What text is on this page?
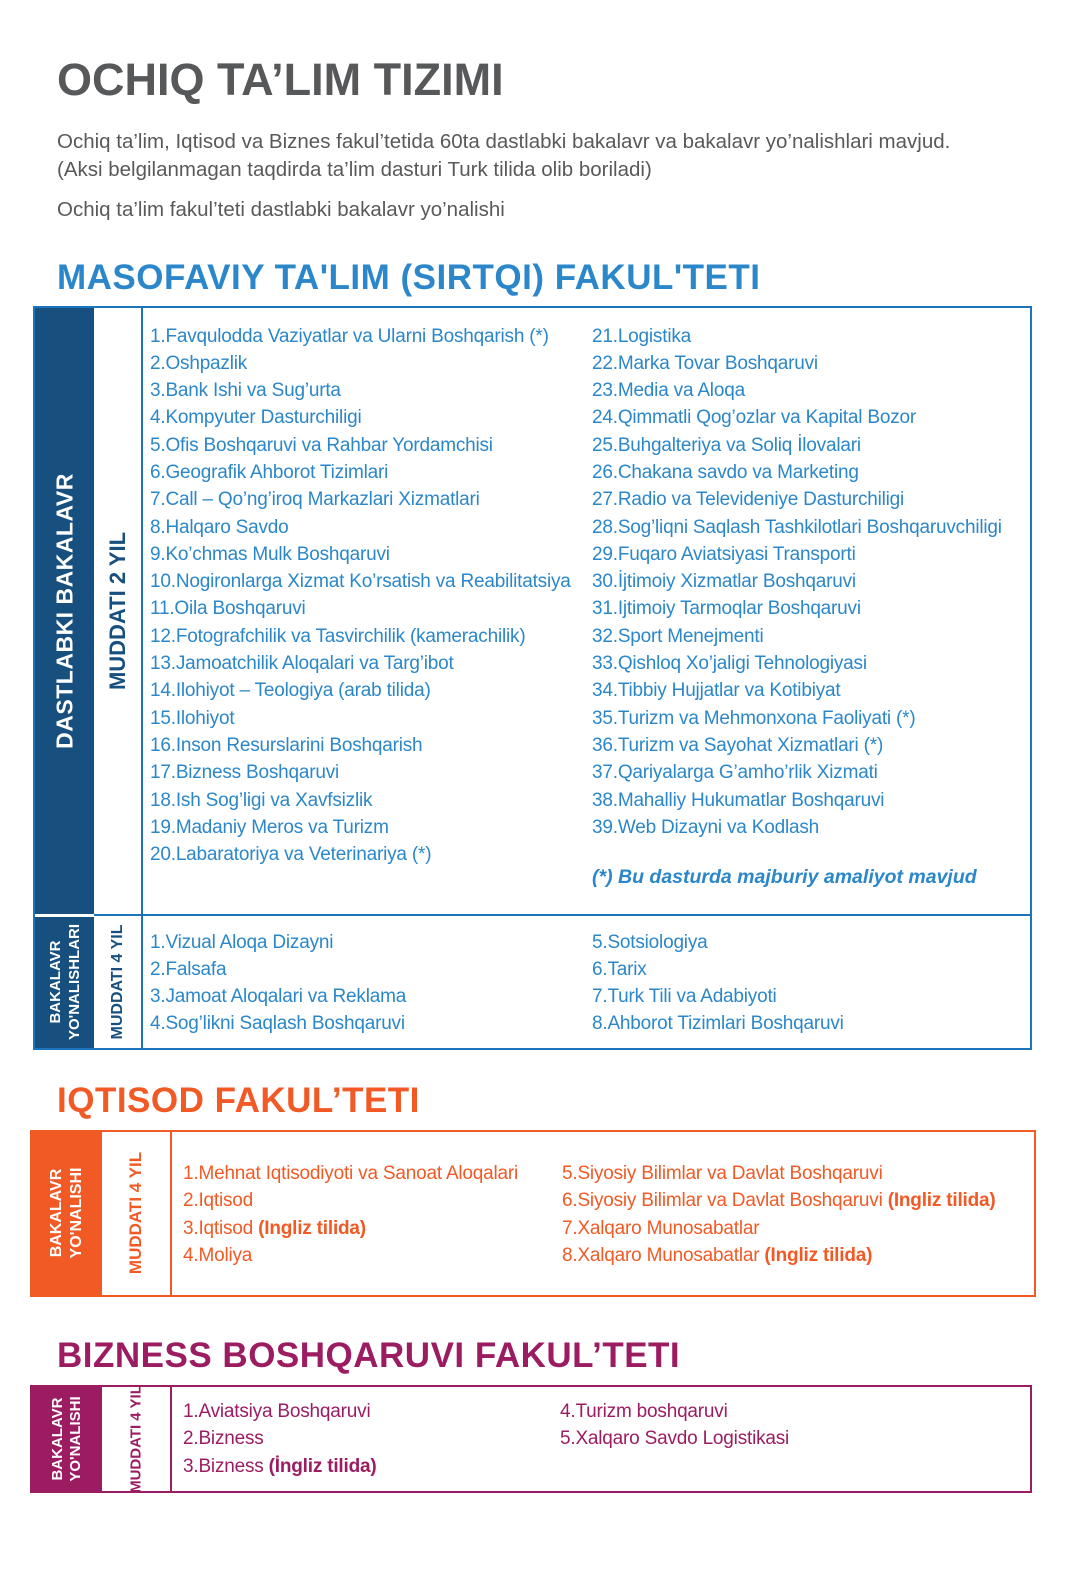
OCHIQ TA’LIM TIZIMI

Ochiq ta’lim, Iqtisod va Biznes fakul’tetida 60ta dastlabki bakalavr va bakalavr yo’nalishlari mavjud.
(Aksi belgilanmagan taqdirda ta’lim dasturi Turk tilida olib boriladi)

Ochiq ta’lim fakul’teti dastlabki bakalavr yo’nalishi

MASOFAVIY TA'LIM (SIRTQI) FAKUL'TETI
DASTLABKI BAKALAVR MUDDATI 2 YIL
1.Favqulodda Vaziyatlar va Ularni Boshqarish (*)
2.Oshpazlik
3.Bank Ishi va Sug’urta
4.Kompyuter Dasturchiligi
5.Ofis Boshqaruvi va Rahbar Yordamchisi
6.Geografik Ahborot Tizimlari
7.Call – Qo’ng’iroq Markazlari Xizmatlari
8.Halqaro Savdo
9.Ko’chmas Mulk Boshqaruvi
10.Nogironlarga Xizmat Ko’rsatish va Reabilitatsiya
11.Oila Boshqaruvi
12.Fotografchilik va Tasvirchilik (kamerachilik)
13.Jamoatchilik Aloqalari va Targ’ibot
14.Ilohiyot – Teologiya (arab tilida)
15.Ilohiyot
16.Inson Resurslarini Boshqarish
17.Bizness Boshqaruvi
18.Ish Sog’ligi va Xavfsizlik
19.Madaniy Meros va Turizm
20.Labaratoriya va Veterinariya (*)
21.Logistika
22.Marka Tovar Boshqaruvi
23.Media va Aloqa
24.Qimmatli Qog’ozlar va Kapital Bozor
25.Buhgalteriya va Soliq İlovalari
26.Chakana savdo va Marketing
27.Radio va Televideniye Dasturchiligi
28.Sog’liqni Saqlash Tashkilotlari Boshqaruvchiligi
29.Fuqaro Aviatsiyasi Transporti
30.İjtimoiy Xizmatlar Boshqaruvi
31.Ijtimoiy Tarmoqlar Boshqaruvi
32.Sport Menejmenti
33.Qishloq Xo’jaligi Tehnologiyasi
34.Tibbiy Hujjatlar va Kotibiyat
35.Turizm va Mehmonxona Faoliyati (*)
36.Turizm va Sayohat Xizmatlari (*)
37.Qariyalarga G’amho’rlik Xizmati
38.Mahalliy Hukumatlar Boshqaruvi
39.Web Dizayni va Kodlash
(*) Bu dasturda majburiy amaliyot mavjud
BAKALAVR YO'NALISHLARI MUDDATI 4 YIL 1.Vizual Aloqa Dizayni
2.Falsafa
3.Jamoat Aloqalari va Reklama
4.Sog’likni Saqlash Boshqaruvi
5.Sotsiologiya
6.Tarix
7.Turk Tili va Adabiyoti
8.Ahborot Tizimlari Boshqaruvi
IQTISOD FAKUL’TETI
BAKALAVR YO'NALISHI MUDDATI 4 YIL 1.Mehnat Iqtisodiyoti va Sanoat Aloqalari
2.Iqtisod
3.Iqtisod (Ingliz tilida)
4.Moliya
5.Siyosiy Bilimlar va Davlat Boshqaruvi
6.Siyosiy Bilimlar va Davlat Boshqaruvi (Ingliz tilida)
7.Xalqaro Munosabatlar
8.Xalqaro Munosabatlar (Ingliz tilida)
BIZNESS BOSHQARUVI FAKUL’TETI
BAKALAVR YO'NALISHI	MUDDATI 4 YIL 1.Aviatsiya Boshqaruvi
2.Bizness
3.Bizness (İngliz tilida)
4.Turizm boshqaruvi
5.Xalqaro Savdo Logistikasi
